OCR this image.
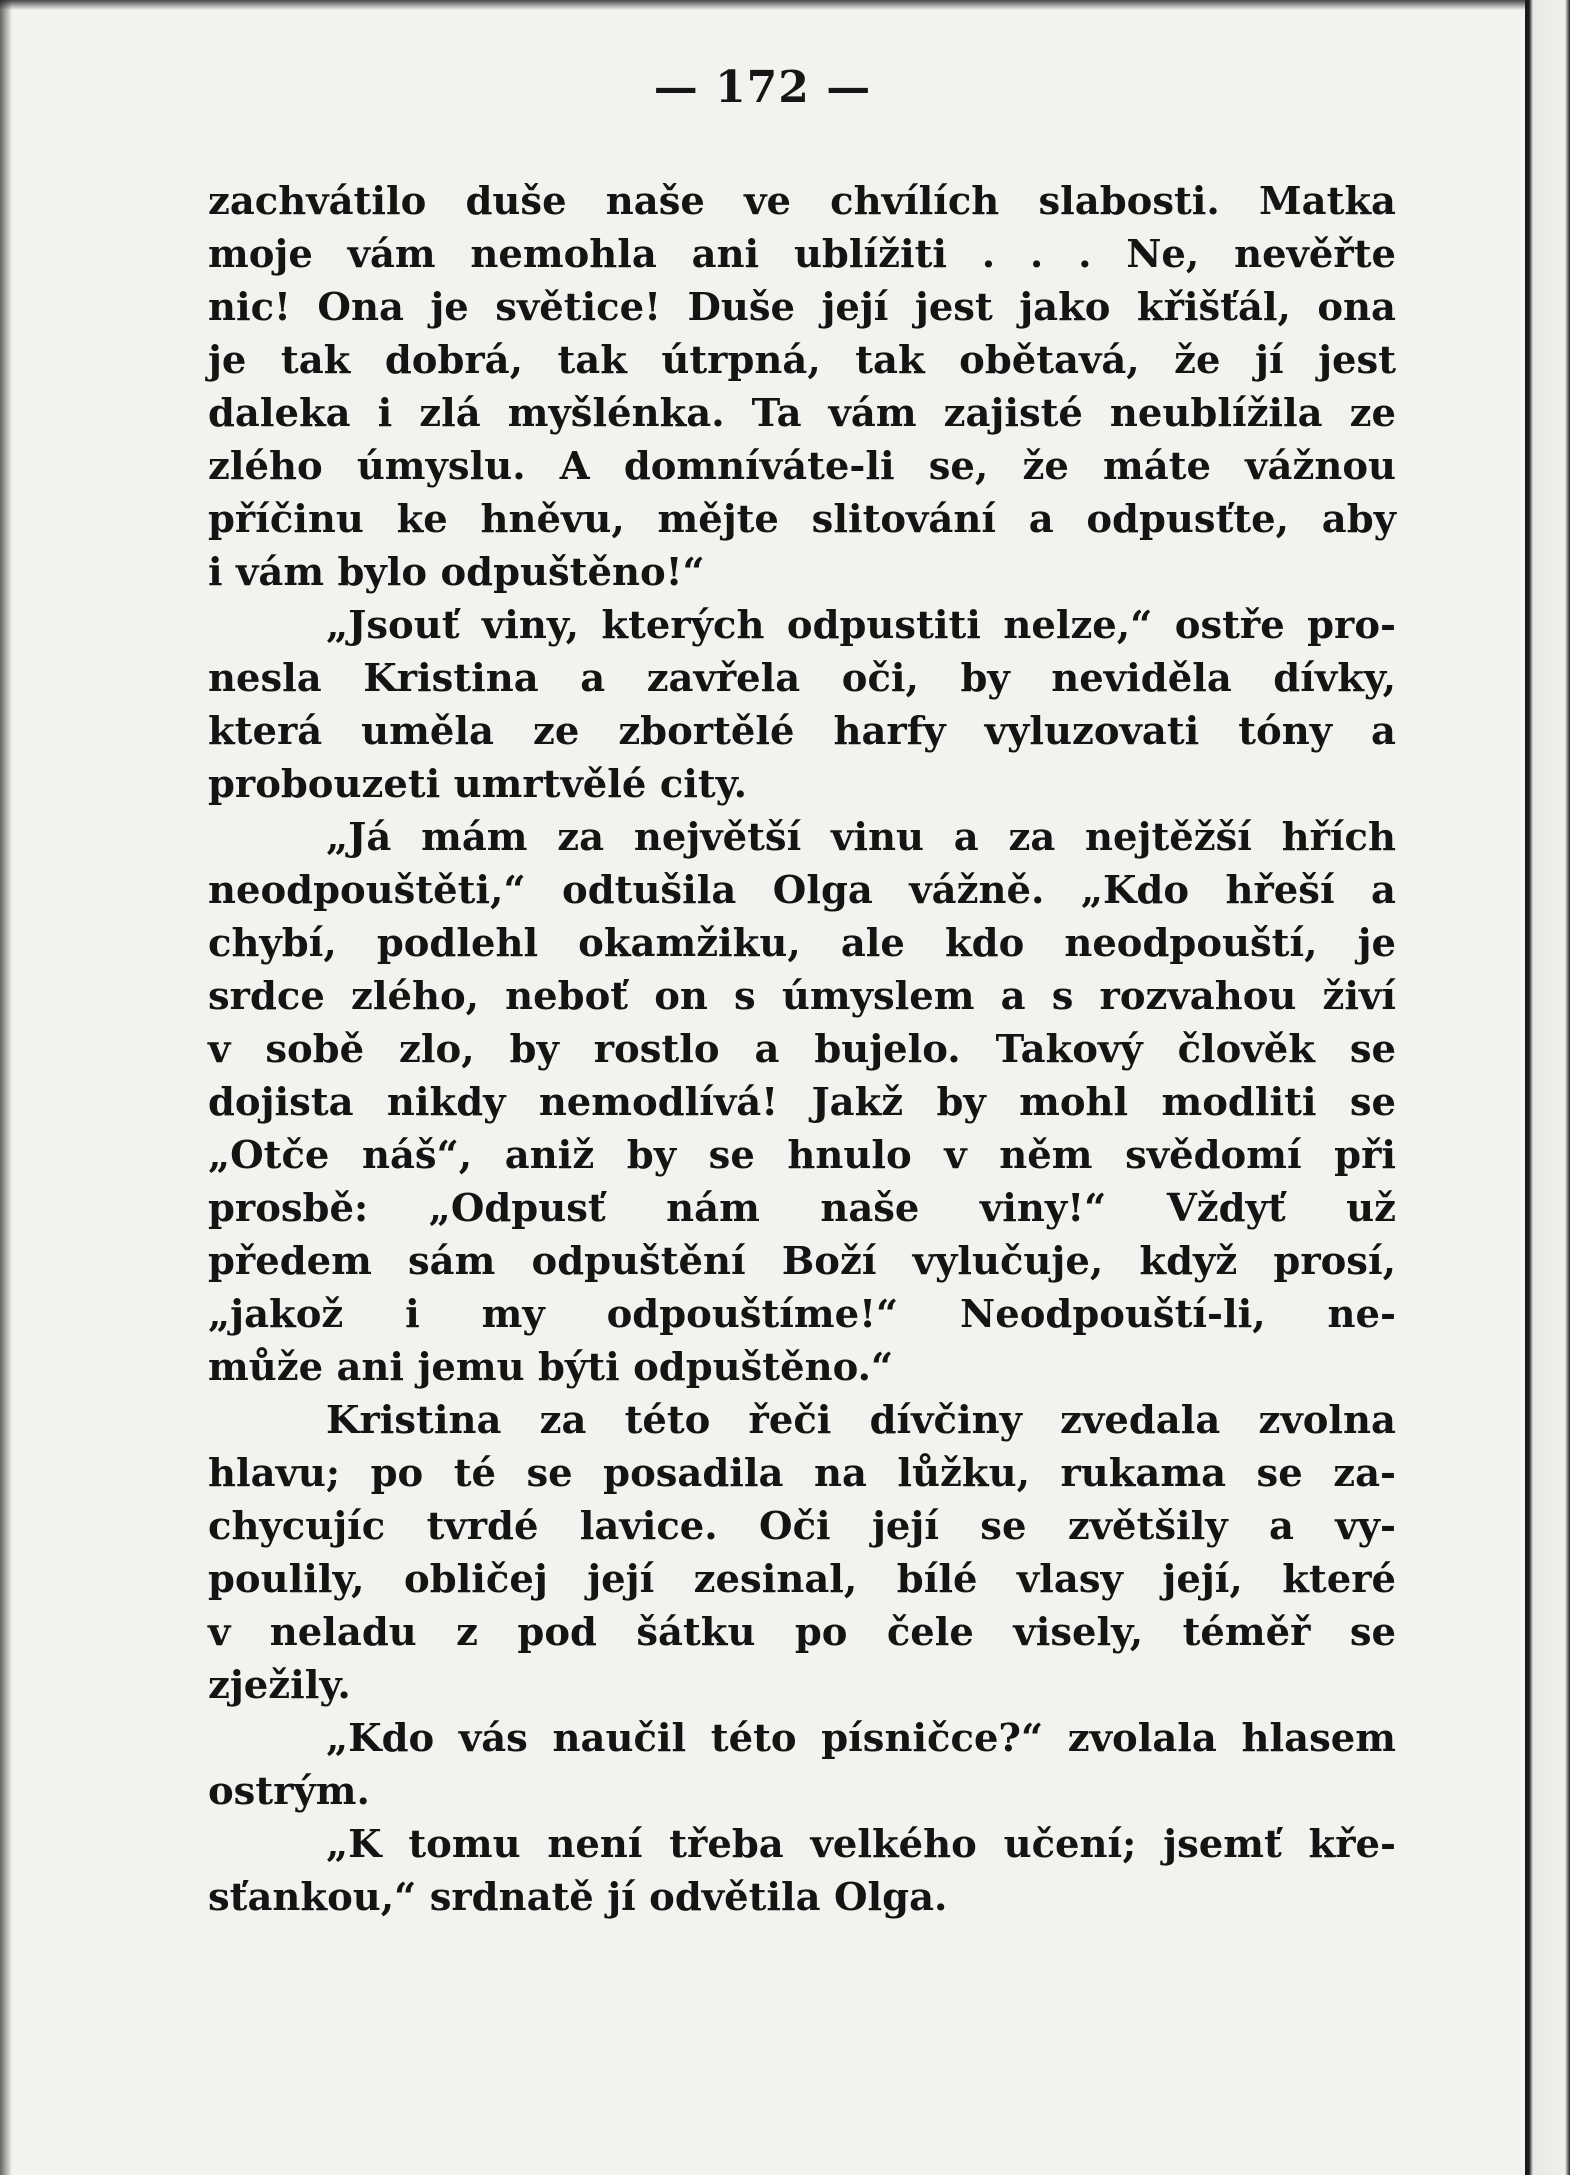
— 172 —

zachvátilo duše naše ve chvílích slabosti. Matka
moje vám nemohla ani ublížiti . . . Ne, nevěřte
nic! Ona je světice! Duše její jest jako křišťál, ona
je tak dobrá, tak útrpná, tak obětavá, že jí jest
daleka i zlá myšlénka. Ta vám zajisté neublížila ze
zlého úmyslu. A domníváte-li se, že máte vážnou
příčinu ke hněvu, mějte slitování a odpusťte, aby
i vám bylo odpuštěno!“

„Jsouť viny, kterých odpustiti nelze,“ ostře pro-
nesla Kristina a zavřela oči, by neviděla dívky,
která uměla ze zbortělé harfy vyluzovati tóny a
probouzeti umrtvělé city.

„Já mám za největší vinu a za nejtěžší hřích
neodpouštěti,“ odtušila Olga vážně. „Kdo hřeší a
chybí, podlehl okamžiku, ale kdo neodpouští, je
srdce zlého, neboť on s úmyslem a s rozvahou živí
v sobě zlo, by rostlo a bujelo. Takový člověk se
dojista nikdy nemodlívá! Jakž by mohl modliti se
„Otče náš“, aniž by se hnulo v něm svědomí při
prosbě: „Odpusť nám naše viny!“ Vždyť už
předem sám odpuštění Boží vylučuje, když prosí,
„jakož i my odpouštíme!“ Neodpouští-li, ne-
může ani jemu býti odpuštěno.“

Kristina za této řeči dívčiny zvedala zvolna
hlavu; po té se posadila na lůžku, rukama se za-
chycujíc tvrdé lavice. Oči její se zvětšily a vy-
poulily, obličej její zesinal, bílé vlasy její, které
v neladu z pod šátku po čele visely, téměř se
zježily.

„Kdo vás naučil této písničce?“ zvolala hlasem
ostrým.

„K tomu není třeba velkého učení; jsemť kře-
sťankou,“ srdnatě jí odvětila Olga.
